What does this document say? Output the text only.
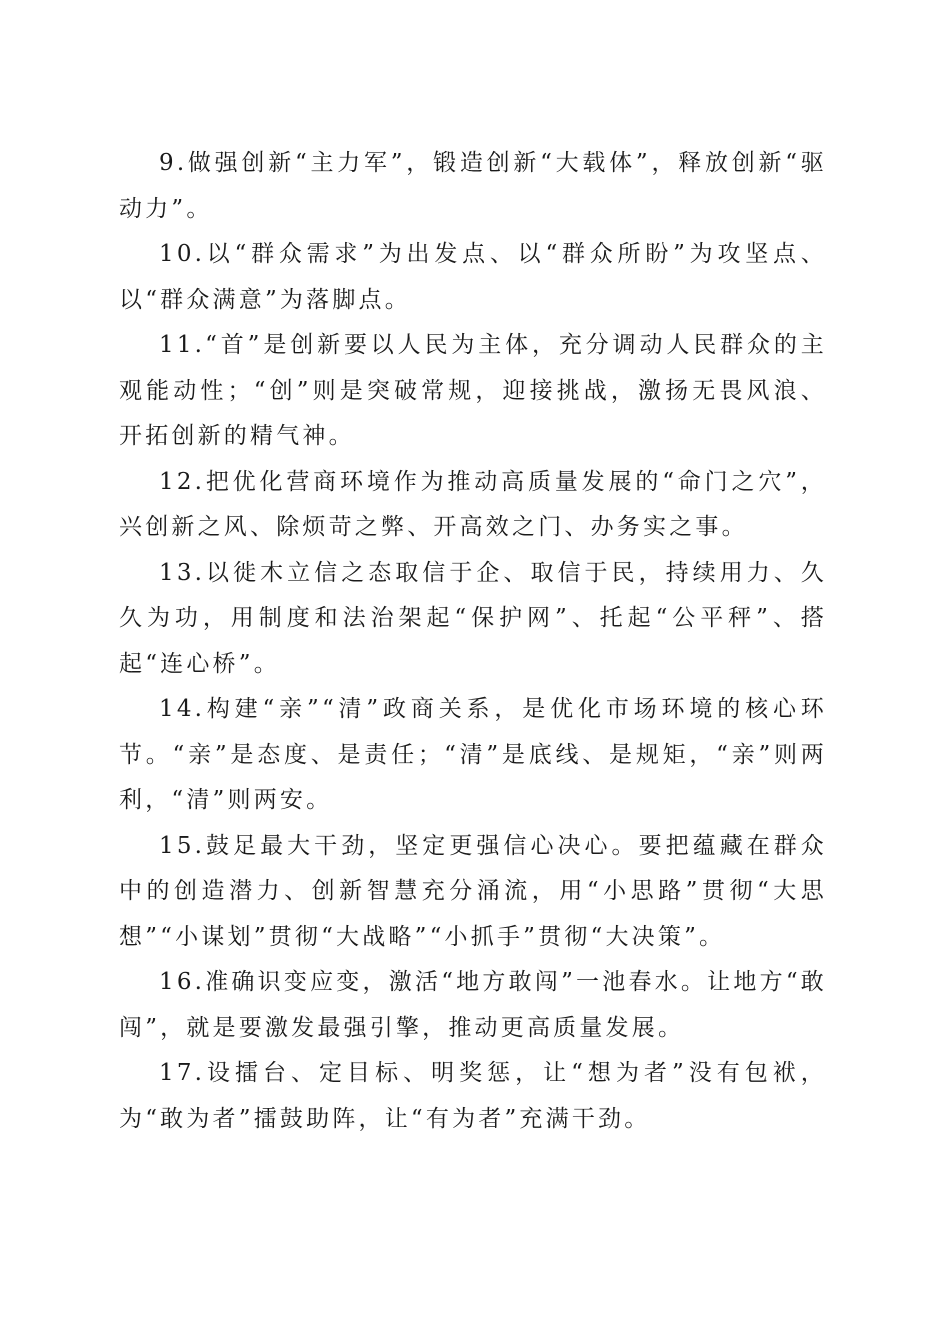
9.做强创新“主力军”，锻造创新“大载体”，释放创新“驱动力”。

10.以“群众需求”为出发点、以“群众所盼”为攻坚点、以“群众满意”为落脚点。

11.“首”是创新要以人民为主体，充分调动人民群众的主观能动性；“创”则是突破常规，迎接挑战，激扬无畏风浪、开拓创新的精气神。

12.把优化营商环境作为推动高质量发展的“命门之穴”，兴创新之风、除烦苛之弊、开高效之门、办务实之事。

13.以徙木立信之态取信于企、取信于民，持续用力、久久为功，用制度和法治架起“保护网”、托起“公平秤”、搭起“连心桥”。

14.构建“亲”“清”政商关系，是优化市场环境的核心环节。“亲”是态度、是责任；“清”是底线、是规矩，“亲”则两利，“清”则两安。

15.鼓足最大干劲，坚定更强信心决心。要把蕴藏在群众中的创造潜力、创新智慧充分涌流，用“小思路”贯彻“大思想”“小谋划”贯彻“大战略”“小抓手”贯彻“大决策”。

16.准确识变应变，激活“地方敢闯”一池春水。让地方“敢闯”，就是要激发最强引擎，推动更高质量发展。

17.设擂台、定目标、明奖惩，让“想为者”没有包袱，为“敢为者”擂鼓助阵，让“有为者”充满干劲。
